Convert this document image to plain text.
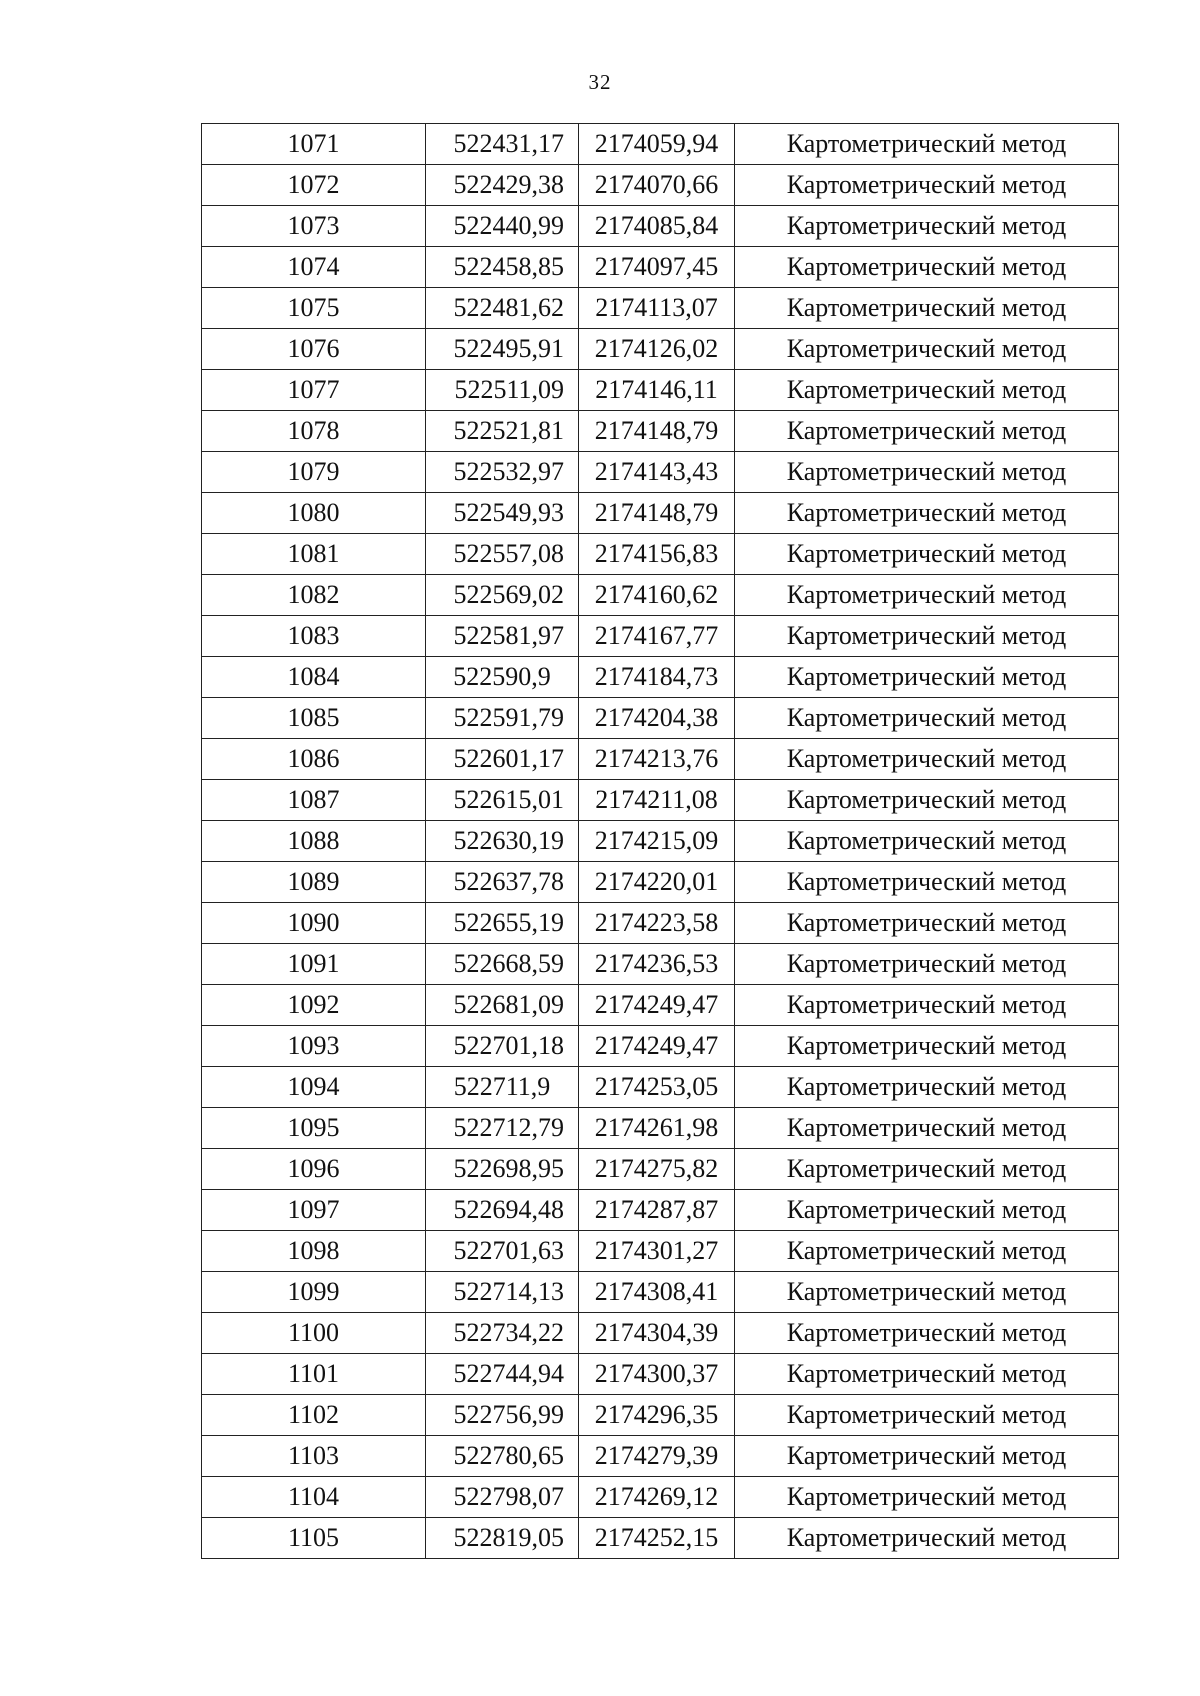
32
1071	522431,17	2174059,94	Картометрический метод
1072	522429,38	2174070,66	Картометрический метод
1073	522440,99	2174085,84	Картометрический метод
1074	522458,85	2174097,45	Картометрический метод
1075	522481,62	2174113,07	Картометрический метод
1076	522495,91	2174126,02	Картометрический метод
1077	522511,09	2174146,11	Картометрический метод
1078	522521,81	2174148,79	Картометрический метод
1079	522532,97	2174143,43	Картометрический метод
1080	522549,93	2174148,79	Картометрический метод
1081	522557,08	2174156,83	Картометрический метод
1082	522569,02	2174160,62	Картометрический метод
1083	522581,97	2174167,77	Картометрический метод
1084	522590,9	2174184,73	Картометрический метод
1085	522591,79	2174204,38	Картометрический метод
1086	522601,17	2174213,76	Картометрический метод
1087	522615,01	2174211,08	Картометрический метод
1088	522630,19	2174215,09	Картометрический метод
1089	522637,78	2174220,01	Картометрический метод
1090	522655,19	2174223,58	Картометрический метод
1091	522668,59	2174236,53	Картометрический метод
1092	522681,09	2174249,47	Картометрический метод
1093	522701,18	2174249,47	Картометрический метод
1094	522711,9	2174253,05	Картометрический метод
1095	522712,79	2174261,98	Картометрический метод
1096	522698,95	2174275,82	Картометрический метод
1097	522694,48	2174287,87	Картометрический метод
1098	522701,63	2174301,27	Картометрический метод
1099	522714,13	2174308,41	Картометрический метод
1100	522734,22	2174304,39	Картометрический метод
1101	522744,94	2174300,37	Картометрический метод
1102	522756,99	2174296,35	Картометрический метод
1103	522780,65	2174279,39	Картометрический метод
1104	522798,07	2174269,12	Картометрический метод
1105	522819,05	2174252,15	Картометрический метод
